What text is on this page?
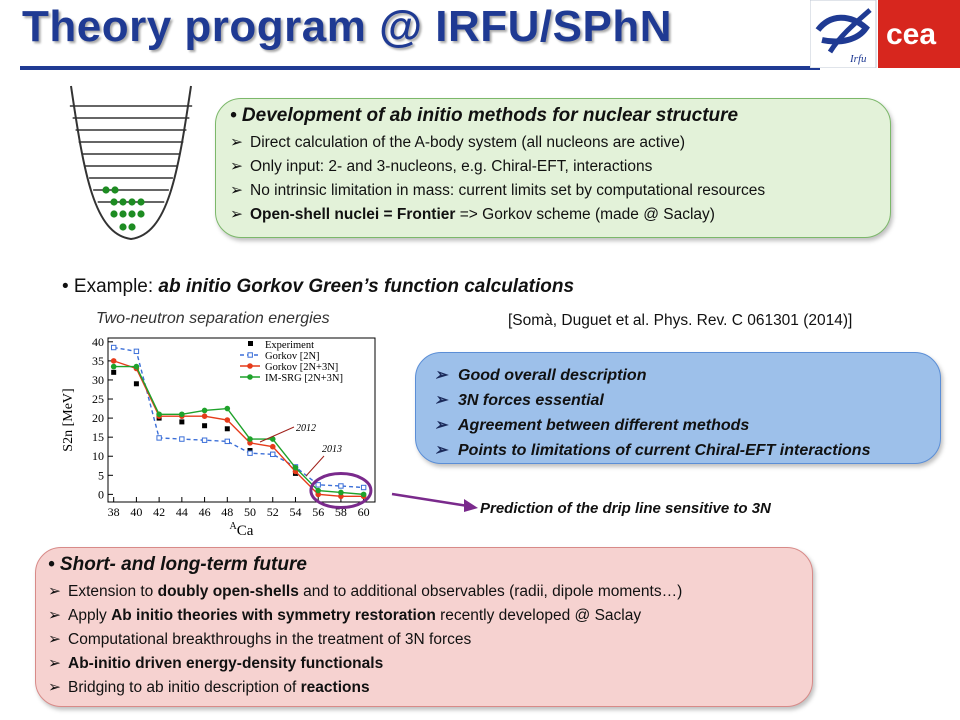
Theory program @ IRFU/SPhN
Irfu
cea
• Development of ab initio methods for nuclear structure
➢ Direct calculation of the A-body system (all nucleons are active)
➢ Only input: 2- and 3-nucleons, e.g. Chiral-EFT, interactions
➢ No intrinsic limitation in mass: current limits set by computational resources
➢ Open-shell nuclei = Frontier => Gorkov scheme (made @ Saclay)
• Example: ab initio Gorkov Green’s function calculations
Two-neutron separation energies	[Somà, Duguet et al. Phys. Rev. C 061301 (2014)]
0
5
10
15
20
25
30
35
40
38 40 42 44 46 48 50 52 54 56 58 60
S2n [MeV]
$^A$Ca
Experiment
Gorkov [2N]
Gorkov [2N+3N]
IM-SRG [2N+3N]
2012
2013
➢ Good overall description
➢ 3N forces essential
➢ Agreement between different methods
➢ Points to limitations of current Chiral-EFT interactions
Prediction of the drip line sensitive to 3N
• Short- and long-term future
➢ Extension to doubly open-shells and to additional observables (radii, dipole moments…)
➢ Apply Ab initio theories with symmetry restoration recently developed @ Saclay
➢ Computational breakthroughs in the treatment of 3N forces
➢ Ab-initio driven energy-density functionals
➢ Bridging to ab initio description of reactions
